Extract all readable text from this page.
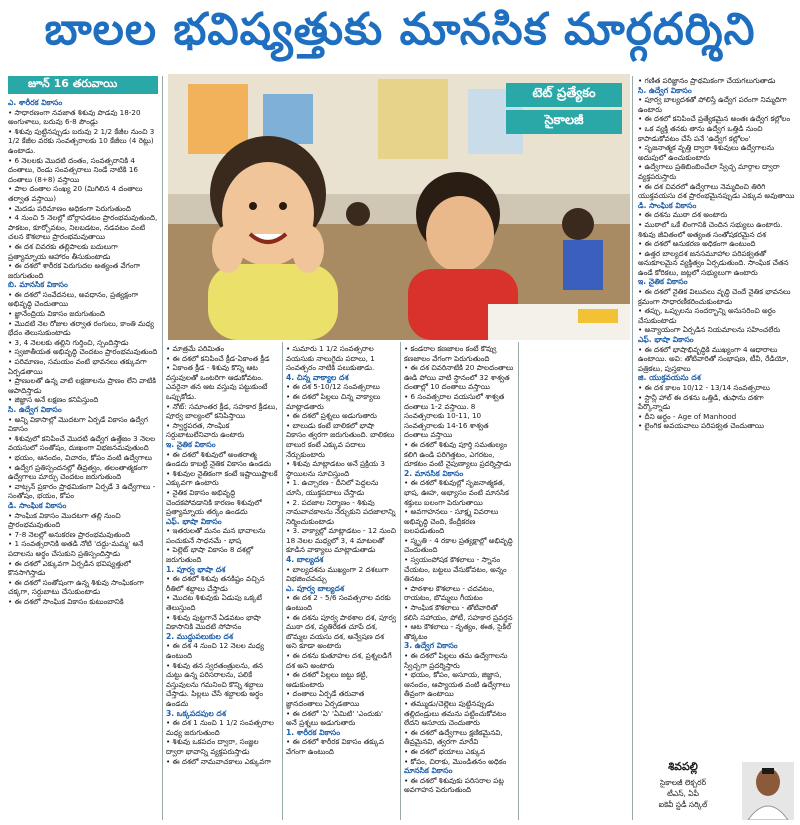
బాలల భవిష్యత్తుకు మానసిక మార్గదర్శిని
జూన్ 16 తరువాయి

ఎ. శారీరక వికాసం

• సాధారణంగా నవజాత శిశువు పొడవు 18-20 అంగుళాలు, బరువు 6-8 పౌండ్లు

• శిశువు పుట్టినప్పుడు బరువు 2 1/2 కేజీల నుంచి 3 1/2 కేజీల వరకు సంవత్సరాలకు 10 కేజీలు (4 రెట్లు) ఉంటాడు.

• 6 నెలలకు మొదటి దంతం, సంవత్సరానికి 4 దంతాలు, రెండు సంవత్సరాలు నిండే నాటికి 16 దంతాలు (8+8) వస్తాయి

• పాల దంతాల సంఖ్య 20 (మిగిలిన 4 దంతాలు తర్వాత వస్తాయి)

• మెదడు పరిమాణం అధికంగా పెరుగుతుంది

• 4 నుంచి 5 నెలల్లో బోర్లాపడటం ప్రారంభమవుతుంది, పాకటం, కూర్చోవటం, నిలబడటం, నడవటం వంటి చలన కౌశలాలు ప్రారంభమవుతాయి

• ఈ దశ చివరకు తల్లిపాలకు బదులుగా ప్రత్యామ్నాయ ఆహారం తీసుకుంటాడు

• ఈ దశలో శారీరక పెరుగుదల అత్యంత వేగంగా జరుగుతుంది

బి. మానసిక వికాసం

• ఈ దశలో సంవేదనలు, అవధానం, ప్రత్యక్షంగా అభివృద్ధి చెందుతాయి

• జ్ఞానేంద్రియ వికాసం జరుగుతుంది

• మొదటి నెల రోజుల తర్వాత రంగులు, కాంతి మధ్య భేదం తెలుసుకుంటాడు

• 3, 4 నెలలకు తల్లిని గుర్తించి, స్పందిస్తాడు

• స్వజాతీయత అభివృద్ధి చెందటం ప్రారంభమవుతుంది

• పరిమాణం, సమయం వంటి భావనలు తక్కువగా ఏర్పడతాయి

• ప్రాణులతో ఉన్న వాటి లక్షణాలను ప్రాణం లేని వాటికి ఆపాదిస్తాడు

• జిజ్ఞాస అనే లక్షణం కనిపిస్తుంది

సి. ఉద్వేగ వికాసం

• అన్ని వికాసాల్లో మొదటగా ఏర్పడే వికాసం ఉద్వేగ వికాసం

• శిశువులో కనిపించే మొదటి ఉద్వేగ ఉత్తేజం 3 నెలల వయసులో సంతోషం, దుఃఖంగా విభజనమవుతుంది

• భయం, ఆనందం, విచారం, కోపం వంటి ఉద్వేగాలు

• ఉద్వేగ ప్రతిస్పందనల్లో తీవ్రత్వం, తలంతాత్మకంగా ఉద్వేగాలు మార్పు చెందటం జరుగుతుంది

• వాట్సన్ ప్రకారం ప్రాథమికంగా ఏర్పడే 3 ఉద్వేగాలు - సంతోషం, భయం, కోపం

డి. సాంఘిక వికాసం

• సాంఘిక వికాసం మొదటగా తల్లి నుంచి ప్రారంభమవుతుంది

• 7-8 నెలల్లో అనుకరణ ప్రారంభమవుతుంది

• 1 సంవత్సరానికి అతడి నోటి 'దద్దు-మమ్మ' అనే పదాలను అర్థం చేసుకుని ప్రతిస్పందిస్తాడు

• ఈ దశలో ఎక్కువగా ఏర్పడిన భవిష్యత్తులో కొనసాగిస్తాడు

• ఈ దశలో సంతోషంగా ఉన్న శిశువు సాంఘికంగా చక్కగా, సర్దుబాటు చేసుకుంటాడు

• ఈ దశలో సాంఘిక వికాసం కుటుంబానికి

టెట్ ప్రత్యేకం
సైకాలజీ

• మాత్రమే పరిమితం

• ఈ దశలో కనిపించే క్రీడ-ఏకాంత క్రీడ

• ఏకాంత క్రీడ - శిశువు కొన్ని ఆట వస్తువులతో ఒంటరిగా ఆడుకోవటం. ఎవరైనా తన ఆట వస్తువు పట్టుకుంటే ఒప్పుకోడు.

• నోట్: సమాంతర క్రీడ, సహకార క్రీడలు, పూర్వ బాల్యంలో కనిపిస్తాయి

• స్వార్థపరత, సాంఘిక సర్దుబాటులేనివారు ఉంటారు

ఇ. నైతిక వికాసం

• ఈ దశలో శిశువులో అంతరాత్మ ఉండదు కాబట్టి నైతిక వికాసం ఉండదు

• శిశువుల నైతికంగా కంటే ఇష్టాయిష్టాలకే ఎక్కువగా ఉంటారు

• నైతిక వికాసం అభివృద్ధి చెందకపోవడానికి కారణం శిశువులో ప్రత్యామ్నాయ తర్కం ఉండదు

ఎఫ్. భాషా వికాసం

• ఇతరులతో మనం మన భావాలను పంచుకునే సాధనమే - భాష

• పెల్లెట్ భాషా వికాసం 8 దశల్లో జరుగుతుంది

1. పూర్వ భాషా దశ

• ఈ దశలో శిశువు తనకిష్టం వచ్చిన రీతిలో శబ్దాలు చేస్తాడు

• మొదట శిశువుకు ఏడుపు ఒక్కటే తెలుస్తుంది

• శిశువు పుట్టగానే ఏడవటం భాషా వికాసానికి మొదటి సోపానం

2. ముద్దుపలుకుల దశ

• ఈ దశ 4 నుంచి 12 నెలల మధ్య ఉంటుంది

• శిశువు తన స్వరతంత్రులను, తన చుట్టు ఉన్న పరిసరాలను, పలికే వస్తువులను గమనించి కొన్ని శబ్దాలు చేస్తాడు. పిల్లలు చేసే శబ్దాలకు అర్థం ఉండదు

3. ఒక్కపదపుల దశ

• ఈ దశ 1 నుంచి 1 1/2 సంవత్సరాల మధ్య జరుగుతుంది

• శిశువు ఒకపదం ద్వారా, సంజ్ఞల ద్వారా భావాన్ని వ్యక్తపరుస్తాడు

• ఈ దశలో నామవాచకాలు ఎక్కువగా

• సుమారు 1 1/2 సంవత్సరాల వయసుకు నాలుగైదు పదాలు, 1 సంవత్సరం నాటికి పలుకుతాడు.

4. చిన్న వాక్యాల దశ

• ఈ దశ 5-10/12 సంవత్సరాలు

• ఈ దశలో పిల్లలు చిన్న వాక్యాలు మాట్లాడతారు

• ఈ దశలో ప్రశ్నలు అడుగుతారు

• బాలుడు కంటే బాలికలో భాషా వికాసం త్వరగా జరుగుతుంది. బాలికలు బాలుర కంటే ఎక్కువ పదాలు నేర్చుకుంటారు

• శిశువు మాట్లాడటం అనే ప్రక్రియ 3 స్థాయిలను సూచిస్తుంది

• 1. ఉచ్చారణ - దీనిలో పెద్దలను చూసి, యుక్తపదాలు చేస్తాడు

• 2. పదజాల నిర్మాణం - శిశువు నామవాచకాలను నేర్చుకుని పదజాలాన్ని నిర్మించుకుంటాడు

• 3. వాక్యాల్లో మాట్లాడటం - 12 నుంచి 18 నెలల మధ్యలో 3, 4 మాటలతో కూడిన వాక్యాలు మాట్లాడుతాడు

4. బాల్యదశ

• బాల్యదశను ముఖ్యంగా 2 దశలుగా విభజించవచ్చు

ఎ. పూర్వ బాల్యదశ

• ఈ దశ 2 - 5/6 సంవత్సరాల వరకు ఉంటుంది

• ఈ దశను పూర్వ పాఠశాల దశ, పూర్వ ముఠా దశ, వ్యతిరేకత చూపే దశ, బొమ్మల వయసు దశ, అన్వేషణ దశ అని కూడా అంటారు

• ఈ దశను కుతూహల దశ, ప్రశ్నలడిగే దశ అని అంటారు

• ఈ దశలో పిల్లలు జట్టు కట్టి, ఆడుకుంటారు

• దంతాలు ఏర్పడే తరువాత జ్ఞానదంతాలు ఏర్పడతాయి

• ఈ దశలో 'ఏ' 'ఏమిటి' 'ఎందుకు' అనే ప్రశ్నలు అడుగుతారు

1. శారీరక వికాసం

• ఈ దశలో శారీరక వికాసం తక్కువ వేగంగా ఉంటుంది

• కండరాల కణజాలం కంటే కొవ్వు కణజాలం వేగంగా పెరుగుతుంది

• ఈ దశ చివరినాటికి 20 పాలదంతాలు ఊడి పోయి వాటి స్థానంలో 32 శాశ్వత దంతాల్లో 10 దంతాలు వస్తాయి

• 6 సంవత్సరాల వయసులో శాశ్వత దంతాలు 1-2 వస్తాయి. 8 సంవత్సరాలకు 10-11, 10 సంవత్సరాలకు 14-16 శాశ్వత దంతాలు వస్తాయి

• ఈ దశలో శిశువు పూర్తి సమతుల్యం కలిగి ఉండి పరిగెత్తటం, ఎగరటం, దూకటం వంటి నైపుణ్యాలు ప్రదర్శిస్తాడు

2. మానసిక వికాసం

• ఈ దశలో శిశువుల్లో సృజనాత్మకత, భాష, ఊహ, అభ్యాసం వంటి మానసిక శక్తులు బలంగా పెరుగుతాయి

• అవగాహనలు - సూక్ష్మ వివరాలు అభివృద్ధి చెంది, కేంద్రీకరణ బలపడుతుంది

• స్మృతి - 4 రకాల ప్రత్యక్షాల్లో అభివృద్ధి చెందుతుంది

• స్వయంపోషక కౌశలాలు - స్నానం చేయటం, బట్టలు వేసుకోవటం, అన్నం తినటం

• పాఠశాల కౌశలాలు - చదవటం, రాయటం, బొమ్మలు గీయటం

• సాంఘిక కౌశలాలు - తోటివారితో కలిసి సహాయం, పోటీ, సహకార ప్రవర్తన

• ఆట కౌశలాలు - నృత్యం, ఈత, సైకిల్ తొక్కటం

3. ఉద్వేగ వికాసం

• ఈ దశలో పిల్లలు తమ ఉద్వేగాలను స్వేచ్ఛగా ప్రదర్శిస్తారు

• భయం, కోపం, అసూయ, జిజ్ఞాస, ఆనందం, ఆప్యాయత వంటి ఉద్వేగాలు తీవ్రంగా ఉంటాయి

• తమ్ముడు/చెల్లెలు పుట్టినప్పుడు తల్లిదండ్రులు తమను పట్టించుకోవటం లేదని అసూయ చెందుతారు

• ఈ దశలో ఉద్వేగాలు క్షణికమైనవి, తీవ్రమైనవి, త్వరగా మారేవి

• ఈ దశలో భయాలు ఎక్కువ

• కోపం, చిరాకు, మొండితనం అధికం

మానసిక వికాసం

• ఈ దశలో శిశువుకు పరిసరాల పట్ల అవగాహన పెరుగుతుంది

• గణిత పరిజ్ఞానం ప్రాథమికంగా చేయగలుగుతాడు

సి. ఉద్వేగ వికాసం

• పూర్వ బాల్యదశతో పోలిస్తే ఉద్వేగ పరంగా నిమ్మదిగా ఉంటారు

• ఈ దశలో కనిపించే ప్రత్యేకమైన అంతః ఉద్వేగ కల్లోలం

• ఒక వ్యక్తి తనకు తాను ఉద్వేగ ఒత్తిడి నుంచి కాపాడుకోవటం చేసే పనే 'ఉద్వేగ కల్లోలం'

• సృజనాత్మక వృత్తి ద్వారా శిశువులు ఉద్వేగాలను అదుపులో ఉంచుకుంటారు

• ఉద్వేగాలు ప్రతిబింబించేలా స్వేచ్ఛ మార్గాల ద్వారా వ్యక్తపరుస్తారు

• ఈ దశ చివరలో ఉద్వేగాలు నెమ్మదించి తిరిగి యుక్తవయసు దశ ప్రారంభమైనప్పుడు ఎక్కువ అవుతాయి

డి. సాంఘిక వికాసం

• ఈ దశను ముఠా దశ అంటారు

• ముఠాలో ఒకే లింగానికి చెందిన సభ్యులు ఉంటారు. శిశువు జీవితంలో అత్యంత సంతోషకరమైన దశ

• ఈ దశలో అనుకరణ అధికంగా ఉంటుంది

• ఉత్తర బాల్యదశ జనసమూహాల పరిపక్వతతో అనుకూలమైన వ్యక్తిత్వం ఏర్పడుతుంది. సాంఘిక చేతన ఉండే కోరికలు, జట్లలో సభ్యులుగా ఉంటారు

ఇ. నైతిక వికాసం

• ఈ దశలో నైతిక విలువలు వృద్ధి చెందే నైతిక భావనలు క్రమంగా సాధారణీకరించుకుంటాడు

• తప్పు, ఒప్పులను సందర్భాన్ని అనుసరించి అర్థం చేసుకుంటాడు

• అన్యాయంగా ఏర్పడిన నియమాలను సహించలేరు

ఎఫ్. భాషా వికాసం

• ఈ దశలో భాషాభివృద్ధికి ముఖ్యంగా 4 ఆధారాలు ఉంటాయి. అవి: తోటివారితో సంభాషణ, టీవీ, రేడియో, పత్రికలు, పుస్తకాలు

జి. యుక్తవయసు దశ

• ఈ దశ కాలం 10/12 - 13/14 సంవత్సరాలు

• స్టాన్లీ హాల్ ఈ దశను ఒత్తిడి, తుఫాను దశగా పేర్కొన్నాడు

• దీని అర్థం - Age of Manhood

• లైంగిక అవయవాలు పరిపక్వత చెందుతాయి

శివపల్లి
సైకాలజీ లెక్చరర్
టీఎస్, ఏపీ
ఐకెవీ స్టడీ సర్కిల్
